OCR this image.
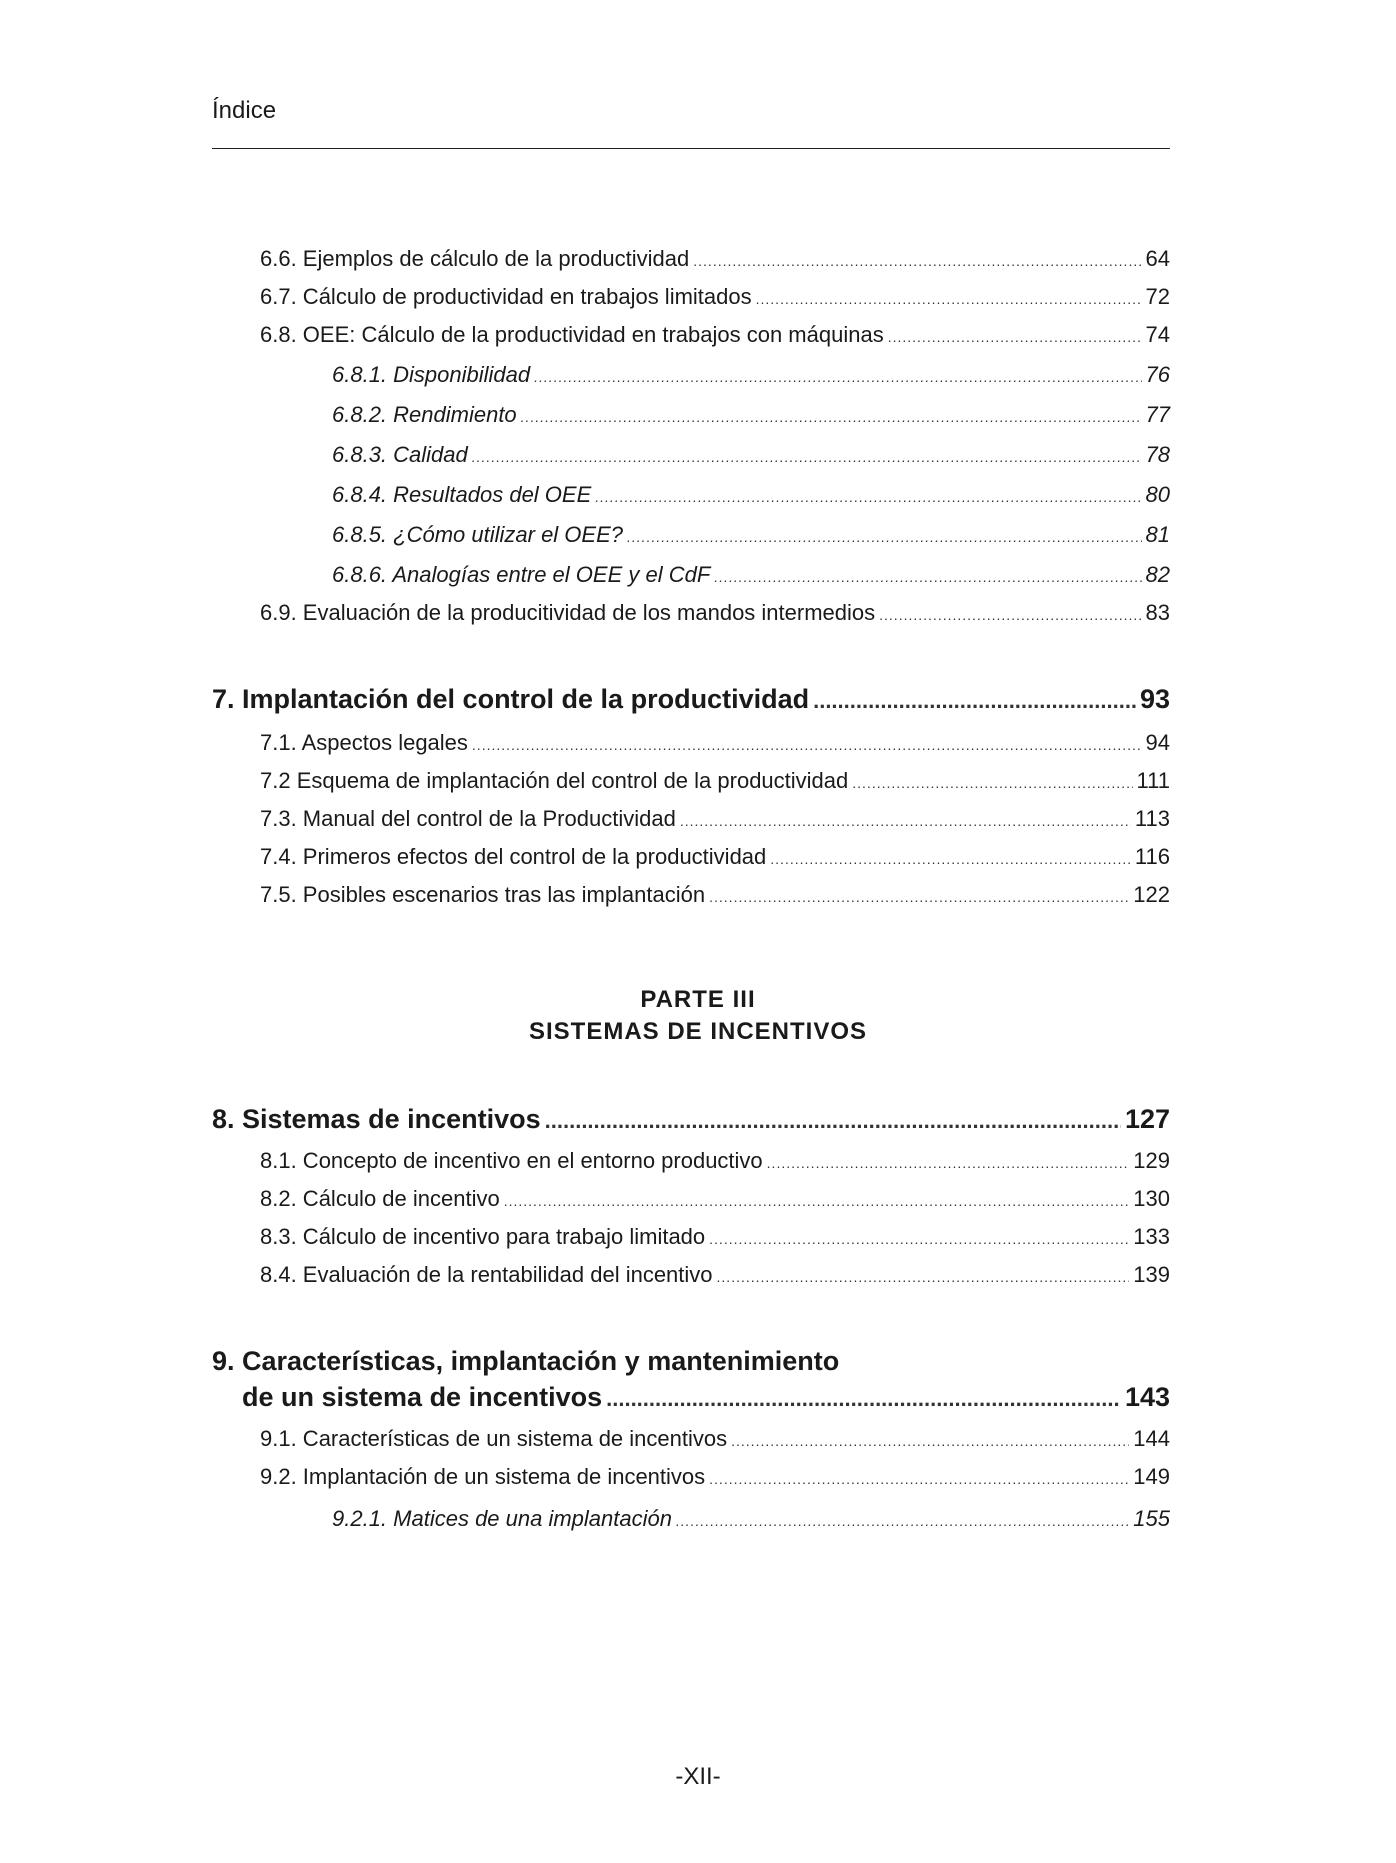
Índice
6.6. Ejemplos de cálculo de la productividad .....	64
6.7. Cálculo de productividad en trabajos limitados .....	72
6.8. OEE: Cálculo de la productividad en trabajos con máquinas .....	74
6.8.1. Disponibilidad .....	76
6.8.2. Rendimiento .....	77
6.8.3. Calidad .....	78
6.8.4. Resultados del OEE .....	80
6.8.5. ¿Cómo utilizar el OEE? .....	81
6.8.6. Analogías entre el OEE y el CdF .....	82
6.9. Evaluación de la producitividad de los mandos intermedios .....	83
7. Implantación del control de la productividad .....	93
7.1. Aspectos legales .....	94
7.2 Esquema de implantación del control de la productividad .....	111
7.3. Manual del control de la Productividad .....	113
7.4. Primeros efectos del control de la productividad .....	116
7.5. Posibles escenarios tras las implantación .....	122
PARTE III
SISTEMAS DE INCENTIVOS
8. Sistemas de incentivos .....	127
8.1. Concepto de incentivo en el entorno productivo .....	129
8.2. Cálculo de incentivo .....	130
8.3. Cálculo de incentivo para trabajo limitado .....	133
8.4. Evaluación de la rentabilidad del incentivo .....	139
9. Características, implantación y mantenimiento
de un sistema de incentivos .....	143
9.1. Características de un sistema de incentivos .....	144
9.2. Implantación de un sistema de incentivos .....	149
9.2.1. Matices de una implantación .....	155
-XII-
